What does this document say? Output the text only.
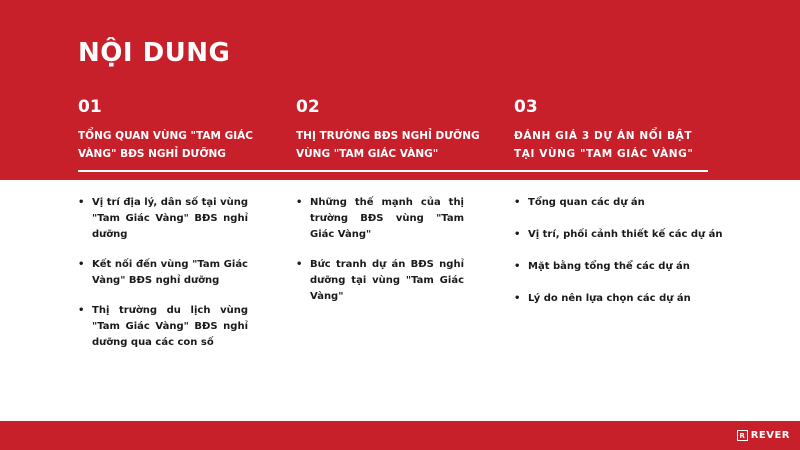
NỘI DUNG
01
TỔNG QUAN VÙNG "TAM GIÁC VÀNG" BĐS NGHỈ DƯỠNG
02
THỊ TRƯỜNG BĐS NGHỈ DƯỠNG VÙNG "TAM GIÁC VÀNG"
03
ĐÁNH GIÁ 3 DỰ ÁN NỔI BẬT TẠI VÙNG "TAM GIÁC VÀNG"
• Vị trí địa lý, dân số tại vùng "Tam Giác Vàng" BĐS nghỉ dưỡng
• Kết nối đến vùng "Tam Giác Vàng" BĐS nghỉ dưỡng
• Thị trường du lịch vùng "Tam Giác Vàng" BĐS nghỉ dưỡng qua các con số
• Những thế mạnh của thị trường BĐS vùng "Tam Giác Vàng"
• Bức tranh dự án BĐS nghỉ dưỡng tại vùng "Tam Giác Vàng"
• Tổng quan các dự án
• Vị trí, phối cảnh thiết kế các dự án
• Mặt bằng tổng thể các dự án
• Lý do nên lựa chọn các dự án
R REVER
